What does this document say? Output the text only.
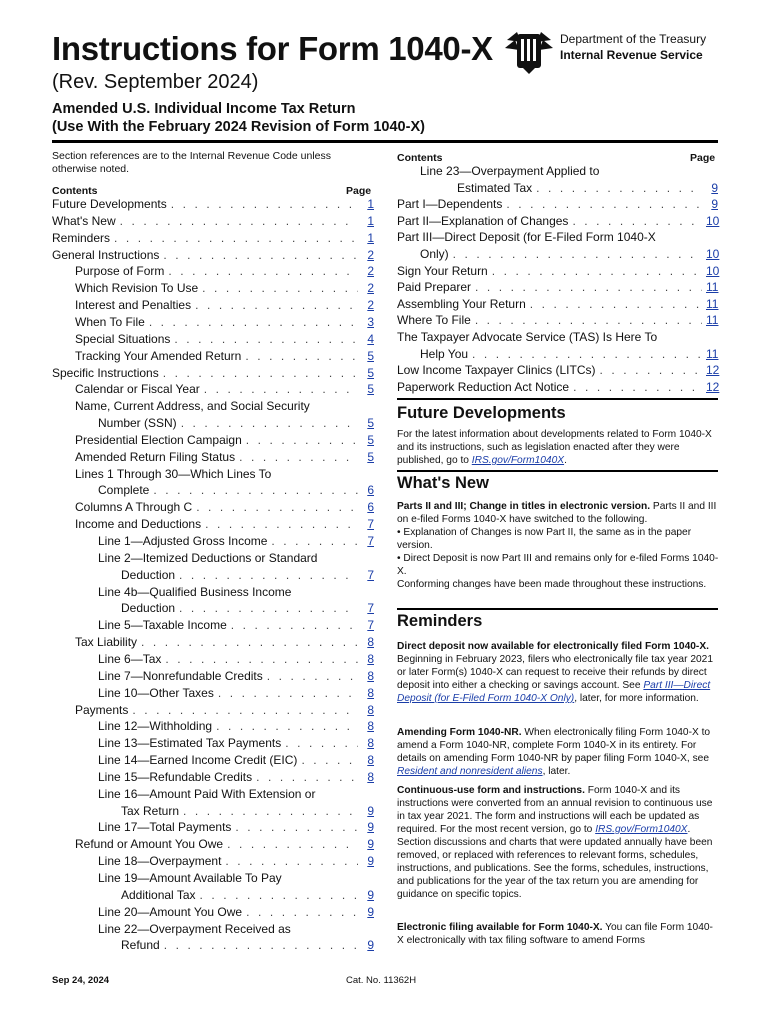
Instructions for Form 1040-X
(Rev. September 2024)
Amended U.S. Individual Income Tax Return
(Use With the February 2024 Revision of Form 1040-X)
Department of the Treasury
Internal Revenue Service
Section references are to the Internal Revenue Code unless otherwise noted.
Contents	Page
Contents	Page
Future Developments . . .	1
What's New . . .	1
Reminders . . .	1
General Instructions . . .	2
Purpose of Form . . .	2
Which Revision To Use . . .	2
Interest and Penalties . . .	2
When To File . . .	3
Special Situations . . .	4
Tracking Your Amended Return . . .	5
Specific Instructions . . .	5
Calendar or Fiscal Year . . .	5
Name, Current Address, and Social Security
Number (SSN) . . .	5
Presidential Election Campaign . . .	5
Amended Return Filing Status . . .	5
Lines 1 Through 30—Which Lines To
Complete . . .	6
Columns A Through C . . .	6
Income and Deductions . . .	7
Line 1—Adjusted Gross Income . . .	7
Line 2—Itemized Deductions or Standard
Deduction . . .	7
Line 4b—Qualified Business Income
Deduction . . .	7
Line 5—Taxable Income . . .	7
Tax Liability . . .	8
Line 6—Tax . . .	8
Line 7—Nonrefundable Credits . . .	8
Line 10—Other Taxes . . .	8
Payments . . .	8
Line 12—Withholding . . .	8
Line 13—Estimated Tax Payments . . .	8
Line 14—Earned Income Credit (EIC) . . .	8
Line 15—Refundable Credits . . .	8
Line 16—Amount Paid With Extension or
Tax Return . . .	9
Line 17—Total Payments . . .	9
Refund or Amount You Owe . . .	9
Line 18—Overpayment . . .	9
Line 19—Amount Available To Pay
Additional Tax . . .	9
Line 20—Amount You Owe . . .	9
Line 22—Overpayment Received as
Refund . . .	9
Line 23—Overpayment Applied to
Estimated Tax . . .	9
Part I—Dependents . . .	9
Part II—Explanation of Changes . . .	10
Part III—Direct Deposit (for E-Filed Form 1040-X
Only) . . .	10
Sign Your Return . . .	10
Paid Preparer . . .	11
Assembling Your Return . . .	11
Where To File . . .	11
The Taxpayer Advocate Service (TAS) Is Here To
Help You . . .	11
Low Income Taxpayer Clinics (LITCs) . . .	12
Paperwork Reduction Act Notice . . .	12
Future Developments
For the latest information about developments related to Form 1040-X and its instructions, such as legislation enacted after they were published, go to IRS.gov/Form1040X.
What's New
Parts II and III; Change in titles in electronic version. Parts II and III on e-filed Forms 1040-X have switched to the following.
• Explanation of Changes is now Part II, the same as in the paper version.
• Direct Deposit is now Part III and remains only for e-filed Forms 1040-X.
Conforming changes have been made throughout these instructions.
Reminders
Direct deposit now available for electronically filed Form 1040-X. Beginning in February 2023, filers who electronically file tax year 2021 or later Form(s) 1040-X can request to receive their refunds by direct deposit into either a checking or savings account. See Part III—Direct Deposit (for E-Filed Form 1040-X Only), later, for more information.
Amending Form 1040-NR. When electronically filing Form 1040-X to amend a Form 1040-NR, complete Form 1040-X in its entirety. For details on amending Form 1040-NR by paper filing Form 1040-X, see Resident and nonresident aliens, later.
Continuous-use form and instructions. Form 1040-X and its instructions were converted from an annual revision to continuous use in tax year 2021. The form and instructions will each be updated as required. For the most recent version, go to IRS.gov/Form1040X. Section discussions and charts that were updated annually have been removed, or replaced with references to relevant forms, schedules, instructions, and publications. See the forms, schedules, instructions, and publications for the year of the tax return you are amending for guidance on specific topics.
Electronic filing available for Form 1040-X. You can file Form 1040-X electronically with tax filing software to amend Forms
Sep 24, 2024	Cat. No. 11362H
